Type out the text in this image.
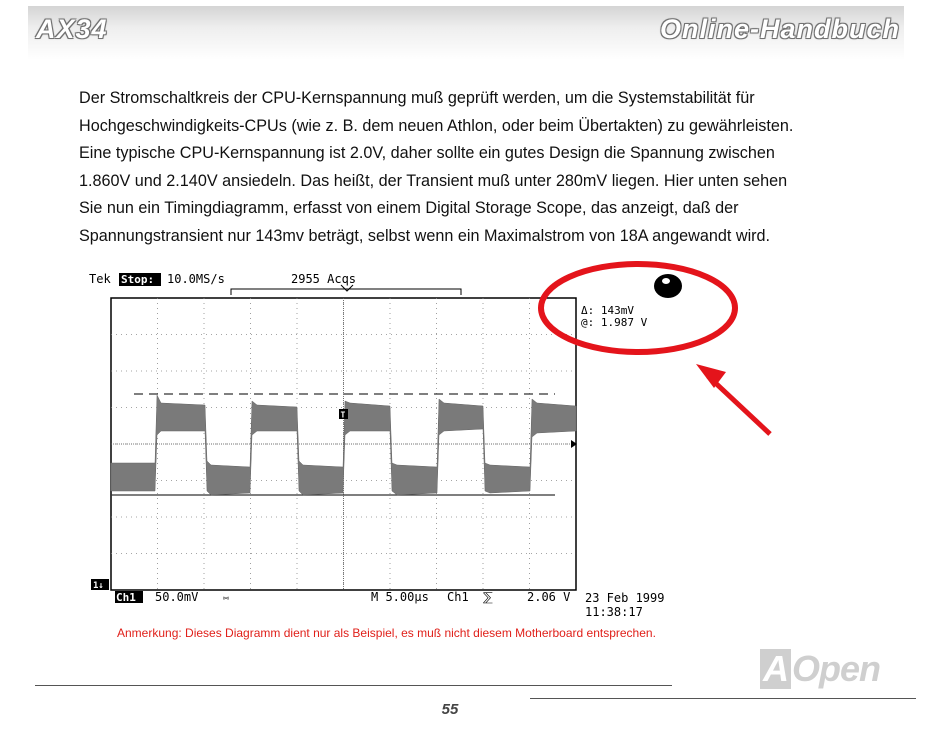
AX34	Online-Handbuch

Der Stromschaltkreis der CPU-Kernspannung muß geprüft werden, um die Systemstabilität für

Hochgeschwindigkeits-CPUs (wie z. B. dem neuen Athlon, oder beim Übertakten) zu gewährleisten.

Eine typische CPU-Kernspannung ist 2.0V, daher sollte ein gutes Design die Spannung zwischen

1.860V und 2.140V ansiedeln. Das heißt, der Transient muß unter 280mV liegen. Hier unten sehen

Sie nun ein Timingdiagramm, erfasst von einem Digital Storage Scope, das anzeigt, daß der

Spannungstransient nur 143mv beträgt, selbst wenn ein Maximalstrom von 18A angewandt wird.

Tek Stop: 10.0MS/s	2955 Acqs
T
1↓
Ch1 50.0mV ⑅	M 5.00µs Ch1 ⅀	2.06 V 23 Feb 1999
11:38:17
Δ: 143mV
@: 1.987 V
Anmerkung: Dieses Diagramm dient nur als Beispiel, es muß nicht diesem Motherboard entsprechen.
A Open
55
